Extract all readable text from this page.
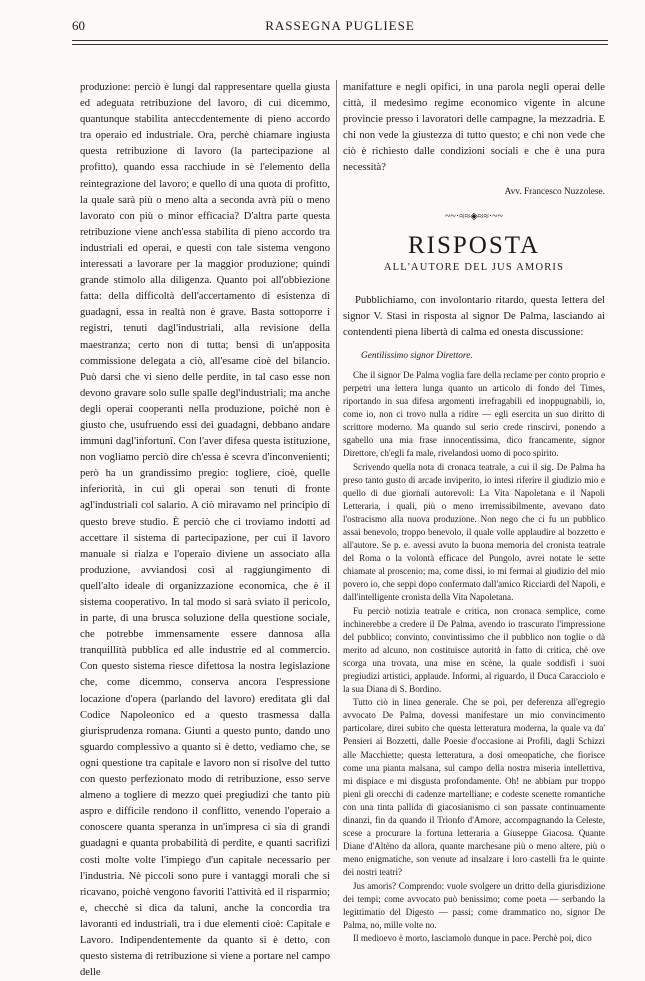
60	RASSEGNA PUGLIESE

produzione: perciò è lungi dal rappresentare quella giusta ed adeguata retribuzione del lavoro, di cui dicemmo, quantunque stabilita anteccdentemente di pieno accordo tra operaio ed industriale. Ora, perchè chiamare ingiusta questa retribuzione di lavoro (la partecipazione al profitto), quando essa racchiude in sè l'elemento della reintegrazione del lavoro; e quello di una quota di profitto, la quale sarà più o meno alta a seconda avrà più o meno lavorato con più o minor efficacia? D'altra parte questa retribuzione viene anch'essa stabilita di pieno accordo tra industriali ed operai, e questi con tale sistema vengono interessati a lavorare per la maggior produzione; quindi grande stimolo alla diligenza. Quanto poi all'obbiezione fatta: della difficoltà dell'accertamento di esistenza di guadagni, essa in realtà non è grave. Basta sottoporre i registri, tenuti dagl'industriali, alla revisione della maestranza; certo non di tutta; bensì di un'apposita commissione delegata a ciò, all'esame cioè del bilancio. Può darsi che vi sieno delle perdite, in tal caso esse non devono gravare solo sulle spalle degl'industriali; ma anche degli operai cooperanti nella produzione, poichè non è giusto che, usufruendo essi dei guadagni, debbano andare immuni dagl'infortunî. Con l'aver difesa questa istituzione, non vogliamo perciò dire ch'essa è scevra d'inconvenienti; però ha un grandissimo pregio: togliere, cioè, quelle inferiorità, in cui gli operai son tenuti di fronte agl'industriali col salario. A ciò miravamo nel principio di questo breve studio. È perciò che ci troviamo indotti ad accettare il sistema di partecipazione, per cui il lavoro manuale si rialza e l'operaio diviene un associato alla produzione, avviandosi così al raggiungimento di quell'alto ideale di organizzazione economica, che è il sistema cooperativo. In tal modo si sarà sviato il pericolo, in parte, di una brusca soluzione della questione sociale, che potrebbe immensamente essere dannosa alla tranquillità pubblica ed alle industrie ed al commercio. Con questo sistema riesce difettosa la nostra legislazione che, come dicemmo, conserva ancora l'espressione locazione d'opera (parlando del lavoro) ereditata gli dal Codice Napoleonico ed a questo trasmessa dalla giurisprudenza romana. Giunti a questo punto, dando uno sguardo complessivo a quanto si è detto, vediamo che, se ogni questione tra capitale e lavoro non si risolve del tutto con questo perfezionato modo di retribuzione, esso serve almeno a togliere di mezzo quei pregiudizi che tanto più aspro e difficile rendono il conflitto, venendo l'operaio a conoscere quanta speranza in un'impresa ci sia di grandi guadagni e quanta probabilità di perdite, e quanti sacrifizi costi molte volte l'impiego d'un capitale necessario per l'industria. Nè piccoli sono pure i vantaggi morali che si ricavano, poichè vengono favoriti l'attività ed il risparmio; e, checchè si dica da taluni, anche la concordia tra lavoranti ed industriali, tra i due elementi cioè: Capitale e Lavoro. Indipendentemente da quanto si è detto, con questo sistema di retribuzione si viene a portare nel campo delle

manifatture e negli opifici, in una parola negli operai delle città, il medesimo regime economico vigente in alcune provincie presso i lavoratori delle campagne, la mezzadria. E chi non vede la giustezza di tutto questo; e chi non vede che ciò è richiesto dalle condizioni sociali e che è una pura necessità?

Avv. Francesco Nuzzolese.

~~·≈≈◈≈≈·~~
RISPOSTA
ALL'AUTORE DEL JUS AMORIS

Pubblichiamo, con involontario ritardo, questa lettera del signor V. Stasi in risposta al signor De Palma, lasciando ai contendenti piena libertà di calma ed onesta discussione:

Gentilissimo signor Direttore.

Che il signor De Palma voglia fare della reclame per conto proprio e perpetri una lettera lunga quanto un articolo di fondo del Times, riportando in sua difesa argomenti irrefragabili ed inoppugnabili, io, come io, non ci trovo nulla a ridire — egli esercita un suo diritto di scrittore moderno. Ma quando sul serio crede rinscirvi, ponendo a sgabello una mia frase innocentissima, dico francamente, signor Direttore, ch'egli fa male, rivelandosi uomo di poco spirito.

Scrivendo quella nota di cronaca teatrale, a cui il sig. De Palma ha preso tanto gusto di arcade inviperito, io intesi riferire il giudizio mio e quello di due giornali autorevoli: La Vita Napoletana e il Napoli Letteraria, i quali, più o meno irremissibilmente, avevano dato l'ostracismo alla nuova produzione. Non nego che ci fu un pubblico assai benevolo, troppo benevolo, il quale volle applaudire al bozzetto e all'autore. Se p. e. avessi avuto la buona memoria del cronista teatrale del Roma o la volontà efficace del Pungolo, avrei notate le sette chiamate al proscenio; ma, come dissi, io mi fermai al giudizio del mio povero io, che seppi dopo confermato dall'amico Ricciardi del Napoli, e dall'intelligente cronista della Vita Napoletana.

Fu perciò notizia teatrale e critica, non cronaca semplice, come inchinerebbe a credere il De Palma, avendo io trascurato l'impressione del pubblico; convinto, convintissimo che il pubblico non toglie o dà merito ad alcuno, non costituisce autorità in fatto di critica, chè ove scorga una trovata, una mise en scène, la quale soddisfi i suoi pregiudizi artistici, applaude. Informi, al riguardo, il Duca Caracciolo e la sua Diana di S. Bordino.

Tutto ciò in linea generale. Che se poi, per deferenza all'egregio avvocato De Palma, dovessi manifestare un mio convincimento particolare, direi subito che questa letteratura moderna, la quale va da' Pensieri ai Bozzetti, dalle Poesie d'occasione ai Profili, dagli Schizzi alle Macchiette; questa letteratura, a dosi omeopatiche, che fiorisce come una pianta malsana, sul campo della nostra miseria intellettiva, mi dispiace e mi disgusta profondamente. Oh! ne abbiam pur troppo pieni gli orecchi di cadenze martelliane; e codeste scenette romantiche con una tinta pallida di giacosianismo ci son passate continuamente dinanzi, fin da quando il Trionfo d'Amore, accompagnando la Celeste, scese a procurare la fortuna letteraria a Giuseppe Giacosa. Quante Diane d'Altèno da allora, quante marchesane più o meno altere, più o meno enigmatiche, son venute ad insalzare i loro castelli fra le quinte dei nostri teatri?

Jus amoris? Comprendo: vuole svolgere un dritto della giurisdizione dei tempi; come avvocato può benissimo; come poeta — serbando la legittimatio del Digesto — passi; come drammatico no, signor De Palma, no, mille volte no.

Il medioevo è morto, lasciamolo dunque in pace. Perchè poi, dico
